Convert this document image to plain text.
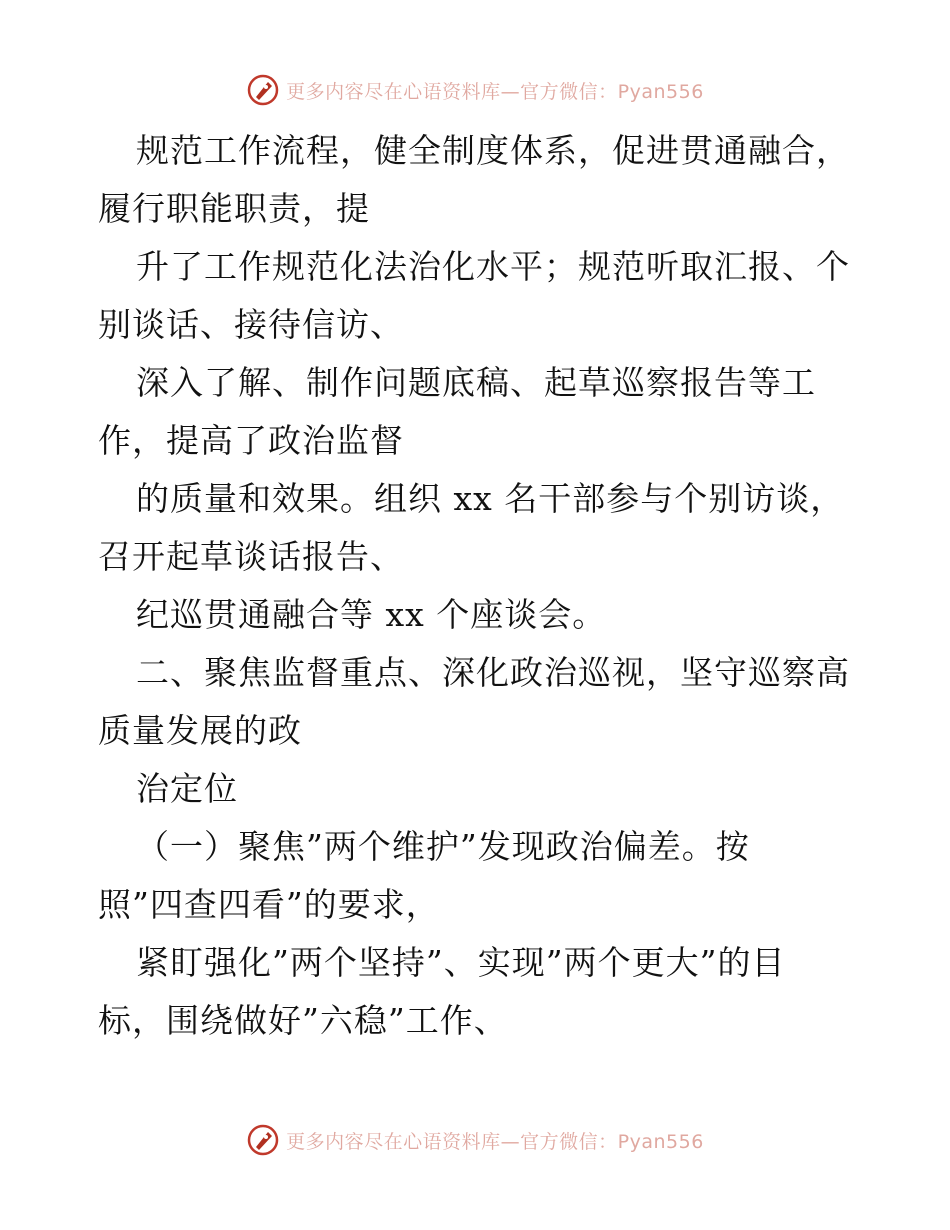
更多内容尽在心语资料库—官方微信：Pyan556
规范工作流程，健全制度体系，促进贯通融合，
履行职能职责，提
升了工作规范化法治化水平；规范听取汇报、个
别谈话、接待信访、
深入了解、制作问题底稿、起草巡察报告等工
作，提高了政治监督
的质量和效果。组织 xx 名干部参与个别访谈，
召开起草谈话报告、
纪巡贯通融合等 xx 个座谈会。
二、聚焦监督重点、深化政治巡视，坚守巡察高
质量发展的政
治定位
（一）聚焦”两个维护”发现政治偏差。按
照”四查四看”的要求，
紧盯强化”两个坚持”、实现”两个更大”的目
标，围绕做好”六稳”工作、
更多内容尽在心语资料库—官方微信：Pyan556
